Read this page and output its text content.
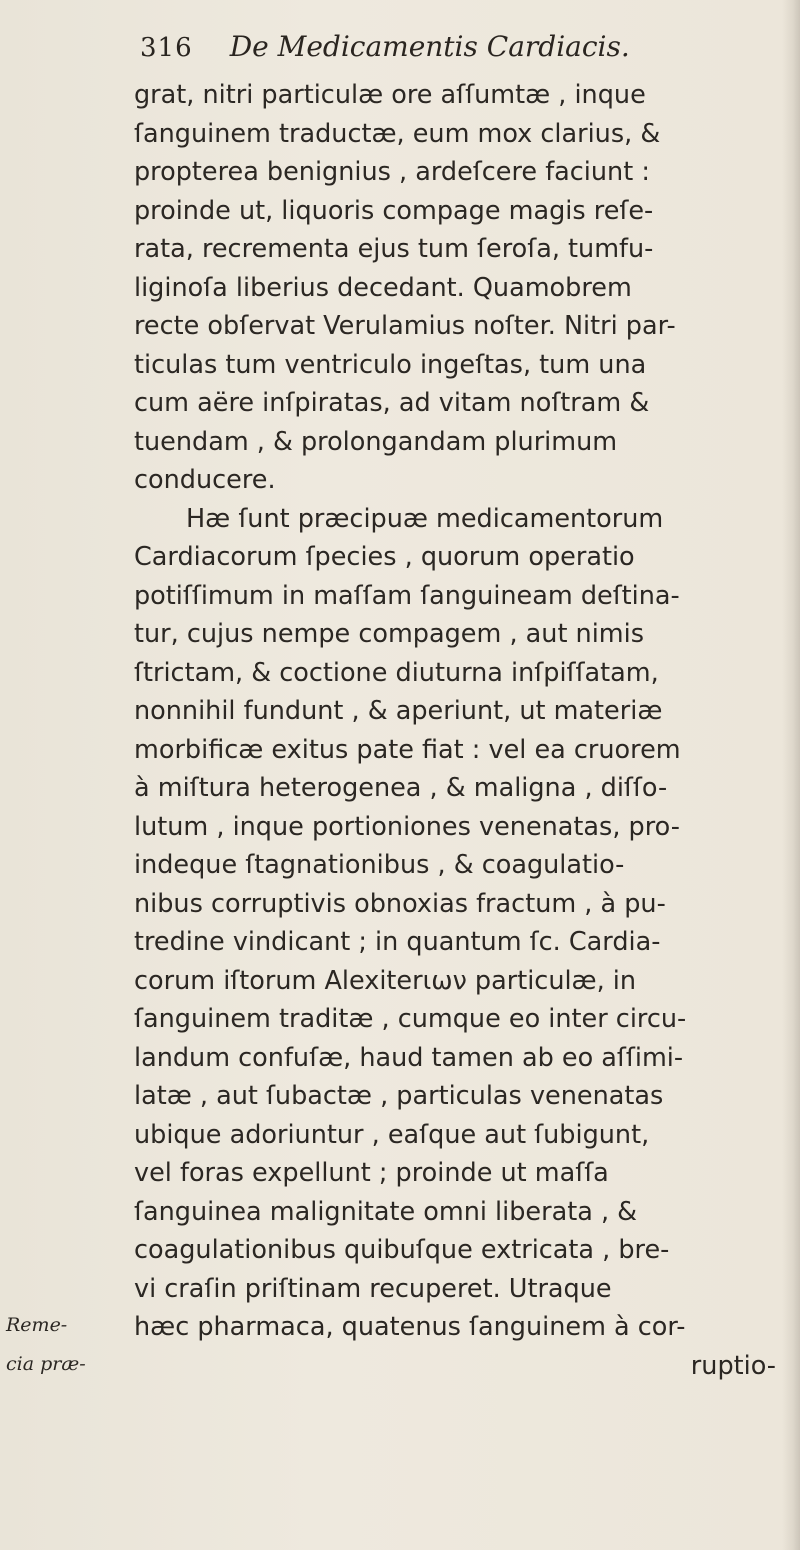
316 De Medicamentis Cardiacis.
grat, nitri particulæ ore aſſumtæ , inque
ſanguinem traductæ, eum mox clarius, &
propterea benignius , ardeſcere faciunt :
proinde ut, liquoris compage magis reſe-
rata, recrementa ejus tum ſeroſa, tumfu-
liginoſa liberius decedant. Quamobrem
recte obſervat Verulamius noſter. Nitri par-
ticulas tum ventriculo ingeſtas, tum una
cum aëre inſpiratas, ad vitam noſtram &
tuendam , & prolongandam plurimum
conducere.
Hæ ſunt præcipuæ medicamentorum
Cardiacorum ſpecies , quorum operatio
potiſſimum in maſſam ſanguineam deſtina-
tur, cujus nempe compagem , aut nimis
ſtrictam, & coctione diuturna inſpiſſatam,
nonnihil fundunt , & aperiunt, ut materiæ
morbificæ exitus pate fiat : vel ea cruorem
à miſtura heterogenea , & maligna , diſſo-
lutum , inque portioniones venenatas, pro-
indeque ſtagnationibus , & coagulatio-
nibus corruptivis obnoxias fractum , à pu-
tredine vindicant ; in quantum ſc. Cardia-
corum iſtorum Alexiterιων particulæ, in
ſanguinem traditæ , cumque eo inter circu-
landum confuſæ, haud tamen ab eo aſſimi-
latæ , aut ſubactæ , particulas venenatas
ubique adoriuntur , eaſque aut ſubigunt,
vel foras expellunt ; proinde ut maſſa
ſanguinea malignitate omni liberata , &
coagulationibus quibuſque extricata , bre-
vi craſin priſtinam recuperet. Utraque
hæc pharmaca, quatenus ſanguinem à cor-
ruptio-
Reme-
cia præ-
